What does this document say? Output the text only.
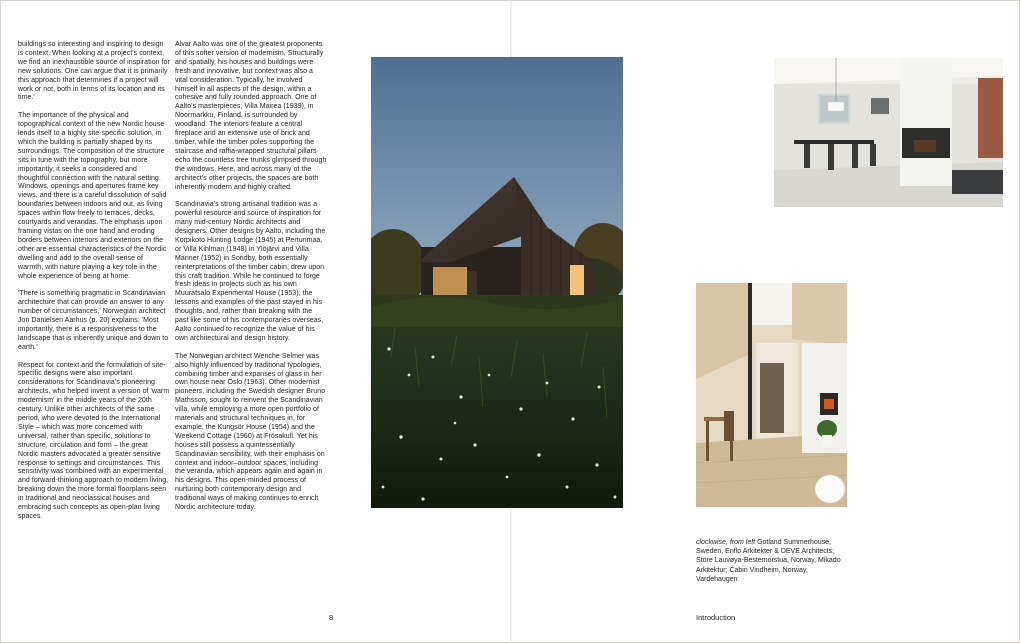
buildings so interesting and inspiring to design is context. When looking at a project's context, we find an inexhaustible source of inspiration for new solutions. One can argue that it is primarily this approach that determines if a project will work or not, both in terms of its location and its time.'

The importance of the physical and topographical context of the new Nordic house lends itself to a highly site-specific solution, in which the building is partially shaped by its surroundings. The composition of the structure sits in tune with the topography, but more importantly, it seeks a considered and thoughtful connection with the natural setting. Windows, openings and apertures frame key views, and there is a careful dissolution of solid boundaries between indoors and out, as living spaces within flow freely to terraces, decks, courtyards and verandas. The emphasis upon framing vistas on the one hand and eroding borders between interiors and exteriors on the other are essential characteristics of the Nordic dwelling and add to the overall sense of warmth, with nature playing a key role in the whole experience of being at home.

'There is something pragmatic in Scandinavian architecture that can provide an answer to any number of circumstances,' Norwegian architect Jon Danielsen Aarhus (p. 20) explains. 'Most importantly, there is a responsiveness to the landscape that is inherently unique and down to earth.'

Respect for context and the formulation of site-specific designs were also important considerations for Scandinavia's pioneering architects, who helped invent a version of 'warm modernism' in the middle years of the 20th century. Unlike other architects of the same period, who were devoted to the International Style – which was more concerned with universal, rather than specific, solutions to structure, circulation and form – the great Nordic masters advocated a greater sensitive response to settings and circumstances. This sensitivity was combined with an experimental and forward-thinking approach to modern living, breaking down the more formal floorplans seen in traditional and neoclassical houses and embracing such concepts as open-plan living spaces.

Alvar Aalto was one of the greatest proponents of this softer version of modernism. Structurally and spatially, his houses and buildings were fresh and innovative, but context was also a vital consideration. Typically, he involved himself in all aspects of the design, within a cohesive and fully rounded approach. One of Aalto's masterpieces, Villa Mairea (1939), in Noormarkku, Finland, is surrounded by woodland. The interiors feature a central fireplace and an extensive use of brick and timber, while the timber poles supporting the staircase and raffia-wrapped structural pillars echo the countless tree trunks glimpsed through the windows. Here, and across many of the architect's other projects, the spaces are both inherently modern and highly crafted.

Scandinavia's strong artisanal tradition was a powerful resource and source of inspiration for many mid-century Nordic architects and designers. Other designs by Aalto, including the Korpikoto Hunting Lodge (1945) at Pertunmaa, or Villa Kihlman (1948) in Ylöjärvi and Villa Manner (1952) in Sondby, both essentially reinterpretations of the timber cabin, drew upon this craft tradition. While he continued to forge fresh ideas in projects such as his own Muuratsalo Experimental House (1953), the lessons and examples of the past stayed in his thoughts, and, rather than breaking with the past like some of his contemporaries overseas, Aalto continued to recognize the value of his own architectural and design history.

The Norwegian architect Wenche Selmer was also highly influenced by traditional typologies, combining timber and expanses of glass in her own house near Oslo (1963). Other modernist pioneers, including the Swedish designer Bruno Mathsson, sought to reinvent the Scandinavian villa, while employing a more open portfolio of materials and structural techniques in, for example, the Kungsör House (1954) and the Weekend Cottage (1960) at Frösakull. Yet his houses still possess a quintessentially Scandinavian sensibility, with their emphasis on context and indoor–outdoor spaces, including the veranda, which appears again and again in his designs. This open-minded process of nurturing both contemporary design and traditional ways of making continues to enrich Nordic architecture today.

8
clockwise, from left Gotland Summerhouse, Sweden, Enflo Arkitekter & DEVE Architects; Store Lauvøya-Bestemorstua, Norway, Mikado Arkitektur; Cabin Vindheim, Norway, Vardehaugen
Introduction
